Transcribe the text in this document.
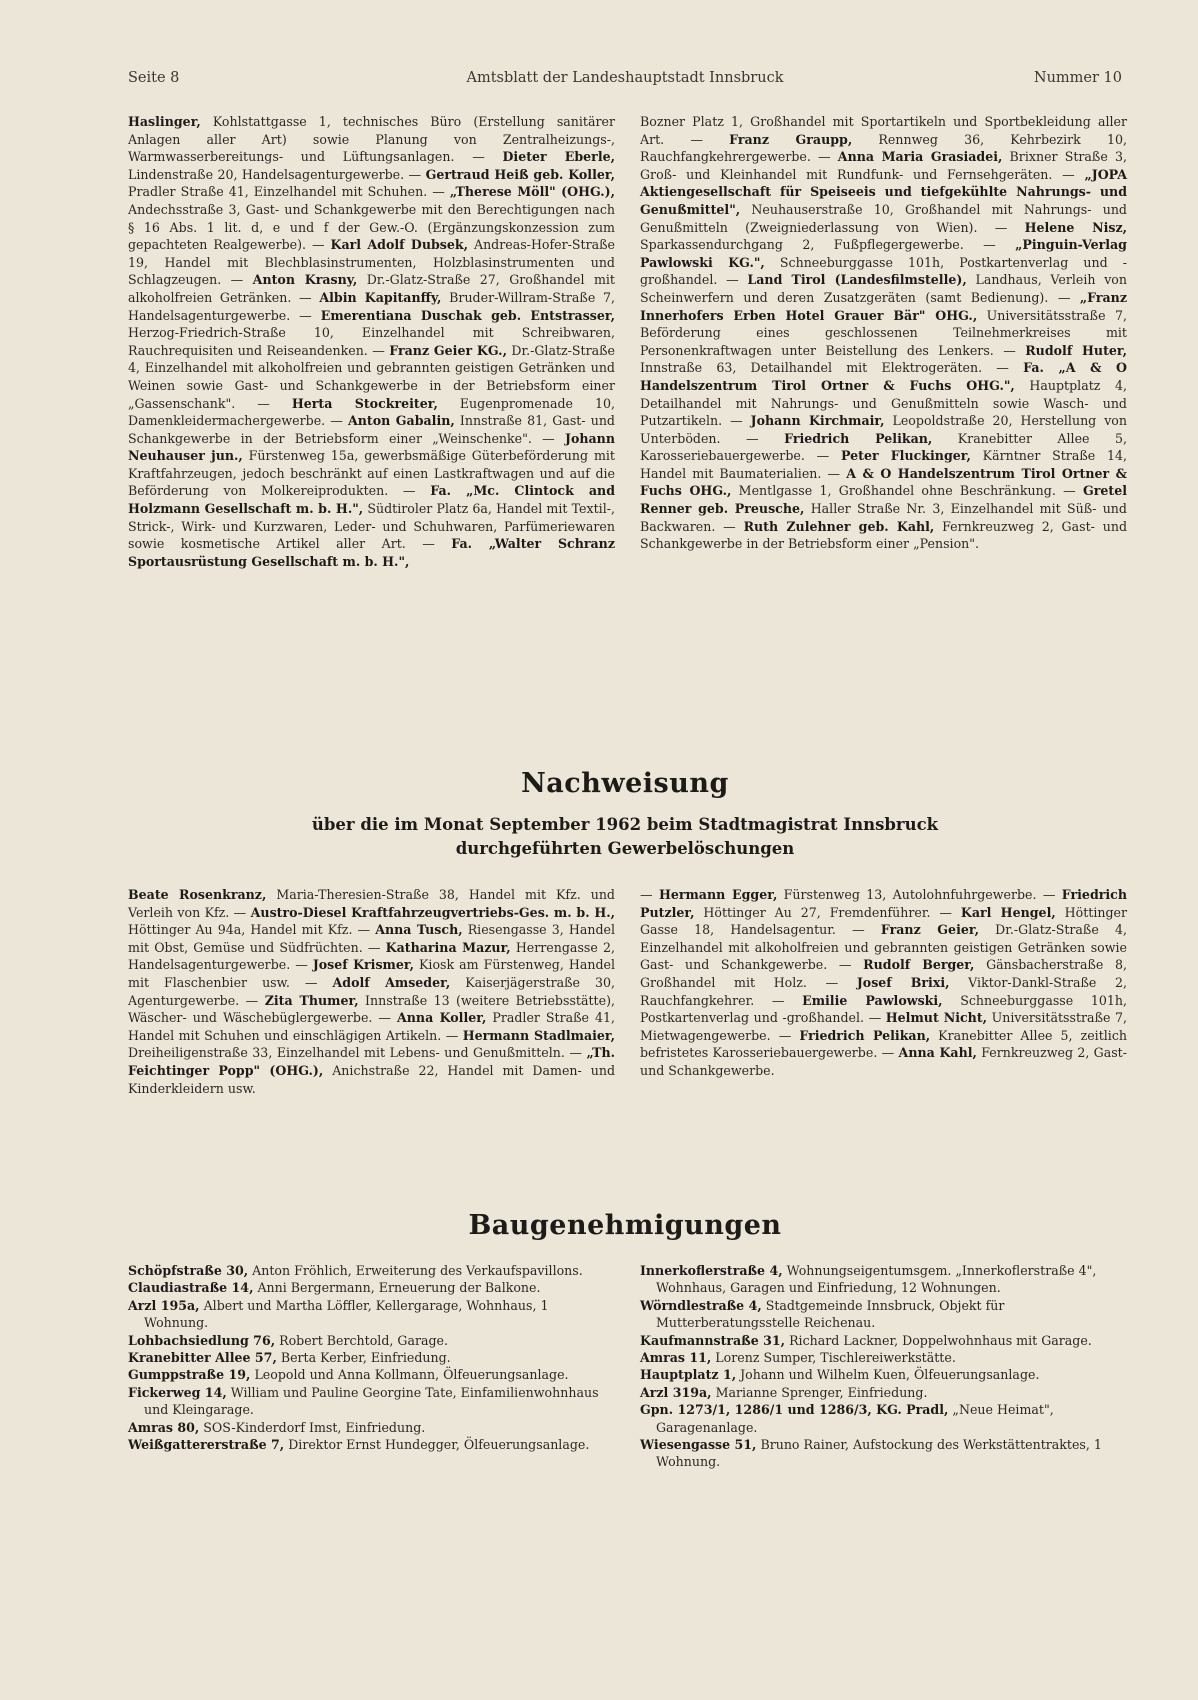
Seite 8	Amtsblatt der Landeshauptstadt Innsbruck	Nummer 10

Haslinger, Kohlstattgasse 1, technisches Büro (Erstellung sanitärer Anlagen aller Art) sowie Planung von Zentralheizungs-, Warmwasserbereitungs- und Lüftungsanlagen. — Dieter Eberle, Lindenstraße 20, Handelsagenturgewerbe. — Gertraud Heiß geb. Koller, Pradler Straße 41, Einzelhandel mit Schuhen. — „Therese Möll" (OHG.), Andechsstraße 3, Gast- und Schankgewerbe mit den Berechtigungen nach § 16 Abs. 1 lit. d, e und f der Gew.-O. (Ergänzungskonzession zum gepachteten Realgewerbe). — Karl Adolf Dubsek, Andreas-Hofer-Straße 19, Handel mit Blechblasinstrumenten, Holzblasinstrumenten und Schlagzeugen. — Anton Krasny, Dr.-Glatz-Straße 27, Großhandel mit alkoholfreien Getränken. — Albin Kapitanffy, Bruder-Willram-Straße 7, Handelsagenturgewerbe. — Emerentiana Duschak geb. Entstrasser, Herzog-Friedrich-Straße 10, Einzelhandel mit Schreibwaren, Rauchrequisiten und Reiseandenken. — Franz Geier KG., Dr.-Glatz-Straße 4, Einzelhandel mit alkoholfreien und gebrannten geistigen Getränken und Weinen sowie Gast- und Schankgewerbe in der Betriebsform einer „Gassenschank". — Herta Stockreiter, Eugenpromenade 10, Damenkleidermachergewerbe. — Anton Gabalin, Innstraße 81, Gast- und Schankgewerbe in der Betriebsform einer „Weinschenke". — Johann Neuhauser jun., Fürstenweg 15a, gewerbsmäßige Güterbeförderung mit Kraftfahrzeugen, jedoch beschränkt auf einen Lastkraftwagen und auf die Beförderung von Molkereiprodukten. — Fa. „Mc. Clintock and Holzmann Gesellschaft m. b. H.", Südtiroler Platz 6a, Handel mit Textil-, Strick-, Wirk- und Kurzwaren, Leder- und Schuhwaren, Parfümeriewaren sowie kosmetische Artikel aller Art. — Fa. „Walter Schranz Sportausrüstung Gesellschaft m. b. H.",

Bozner Platz 1, Großhandel mit Sportartikeln und Sportbekleidung aller Art. — Franz Graupp, Rennweg 36, Kehrbezirk 10, Rauchfangkehrergewerbe. — Anna Maria Grasiadei, Brixner Straße 3, Groß- und Kleinhandel mit Rundfunk- und Fernsehgeräten. — „JOPA Aktiengesellschaft für Speiseeis und tiefgekühlte Nahrungs- und Genußmittel", Neuhauserstraße 10, Großhandel mit Nahrungs- und Genußmitteln (Zweigniederlassung von Wien). — Helene Nisz, Sparkassendurchgang 2, Fußpflegergewerbe. — „Pinguin-Verlag Pawlowski KG.", Schneeburggasse 101h, Postkartenverlag und -großhandel. — Land Tirol (Landesfilmstelle), Landhaus, Verleih von Scheinwerfern und deren Zusatzgeräten (samt Bedienung). — „Franz Innerhofers Erben Hotel Grauer Bär" OHG., Universitätsstraße 7, Beförderung eines geschlossenen Teilnehmerkreises mit Personenkraftwagen unter Beistellung des Lenkers. — Rudolf Huter, Innstraße 63, Detailhandel mit Elektrogeräten. — Fa. „A & O Handelszentrum Tirol Ortner & Fuchs OHG.", Hauptplatz 4, Detailhandel mit Nahrungs- und Genußmitteln sowie Wasch- und Putzartikeln. — Johann Kirchmair, Leopoldstraße 20, Herstellung von Unterböden. — Friedrich Pelikan, Kranebitter Allee 5, Karosseriebauergewerbe. — Peter Fluckinger, Kärntner Straße 14, Handel mit Baumaterialien. — A & O Handelszentrum Tirol Ortner & Fuchs OHG., Mentlgasse 1, Großhandel ohne Beschränkung. — Gretel Renner geb. Preusche, Haller Straße Nr. 3, Einzelhandel mit Süß- und Backwaren. — Ruth Zulehner geb. Kahl, Fernkreuzweg 2, Gast- und Schankgewerbe in der Betriebsform einer „Pension".

Nachweisung
über die im Monat September 1962 beim Stadtmagistrat Innsbruck
durchgeführten Gewerbelöschungen

Beate Rosenkranz, Maria-Theresien-Straße 38, Handel mit Kfz. und Verleih von Kfz. — Austro-Diesel Kraftfahrzeugvertriebs-Ges. m. b. H., Höttinger Au 94a, Handel mit Kfz. — Anna Tusch, Riesengasse 3, Handel mit Obst, Gemüse und Südfrüchten. — Katharina Mazur, Herrengasse 2, Handelsagenturgewerbe. — Josef Krismer, Kiosk am Fürstenweg, Handel mit Flaschenbier usw. — Adolf Amseder, Kaiserjägerstraße 30, Agenturgewerbe. — Zita Thumer, Innstraße 13 (weitere Betriebsstätte), Wäscher- und Wäschebüglergewerbe. — Anna Koller, Pradler Straße 41, Handel mit Schuhen und einschlägigen Artikeln. — Hermann Stadlmaier, Dreiheiligenstraße 33, Einzelhandel mit Lebens- und Genußmitteln. — „Th. Feichtinger Popp" (OHG.), Anichstraße 22, Handel mit Damen- und Kinderkleidern usw.

— Hermann Egger, Fürstenweg 13, Autolohnfuhrgewerbe. — Friedrich Putzler, Höttinger Au 27, Fremdenführer. — Karl Hengel, Höttinger Gasse 18, Handelsagentur. — Franz Geier, Dr.-Glatz-Straße 4, Einzelhandel mit alkoholfreien und gebrannten geistigen Getränken sowie Gast- und Schankgewerbe. — Rudolf Berger, Gänsbacherstraße 8, Großhandel mit Holz. — Josef Brixi, Viktor-Dankl-Straße 2, Rauchfangkehrer. — Emilie Pawlowski, Schneeburggasse 101h, Postkartenverlag und -großhandel. — Helmut Nicht, Universitätsstraße 7, Mietwagengewerbe. — Friedrich Pelikan, Kranebitter Allee 5, zeitlich befristetes Karosseriebauergewerbe. — Anna Kahl, Fernkreuzweg 2, Gast- und Schankgewerbe.

Baugenehmigungen

Schöpfstraße 30, Anton Fröhlich, Erweiterung des Verkaufspavillons.

Claudiastraße 14, Anni Bergermann, Erneuerung der Balkone.

Arzl 195a, Albert und Martha Löffler, Kellergarage, Wohnhaus, 1 Wohnung.

Lohbachsiedlung 76, Robert Berchtold, Garage.

Kranebitter Allee 57, Berta Kerber, Einfriedung.

Gumppstraße 19, Leopold und Anna Kollmann, Ölfeuerungsanlage.

Fickerweg 14, William und Pauline Georgine Tate, Einfamilienwohnhaus und Kleingarage.

Amras 80, SOS-Kinderdorf Imst, Einfriedung.

Weißgattererstraße 7, Direktor Ernst Hundegger, Ölfeuerungsanlage.

Innerkoflerstraße 4, Wohnungseigentumsgem. „Innerkoflerstraße 4", Wohnhaus, Garagen und Einfriedung, 12 Wohnungen.

Wörndlestraße 4, Stadtgemeinde Innsbruck, Objekt für Mutterberatungsstelle Reichenau.

Kaufmannstraße 31, Richard Lackner, Doppelwohnhaus mit Garage.

Amras 11, Lorenz Sumper, Tischlereiwerkstätte.

Hauptplatz 1, Johann und Wilhelm Kuen, Ölfeuerungsanlage.

Arzl 319a, Marianne Sprenger, Einfriedung.

Gpn. 1273/1, 1286/1 und 1286/3, KG. Pradl, „Neue Heimat", Garagenanlage.

Wiesengasse 51, Bruno Rainer, Aufstockung des Werkstättentraktes, 1 Wohnung.
